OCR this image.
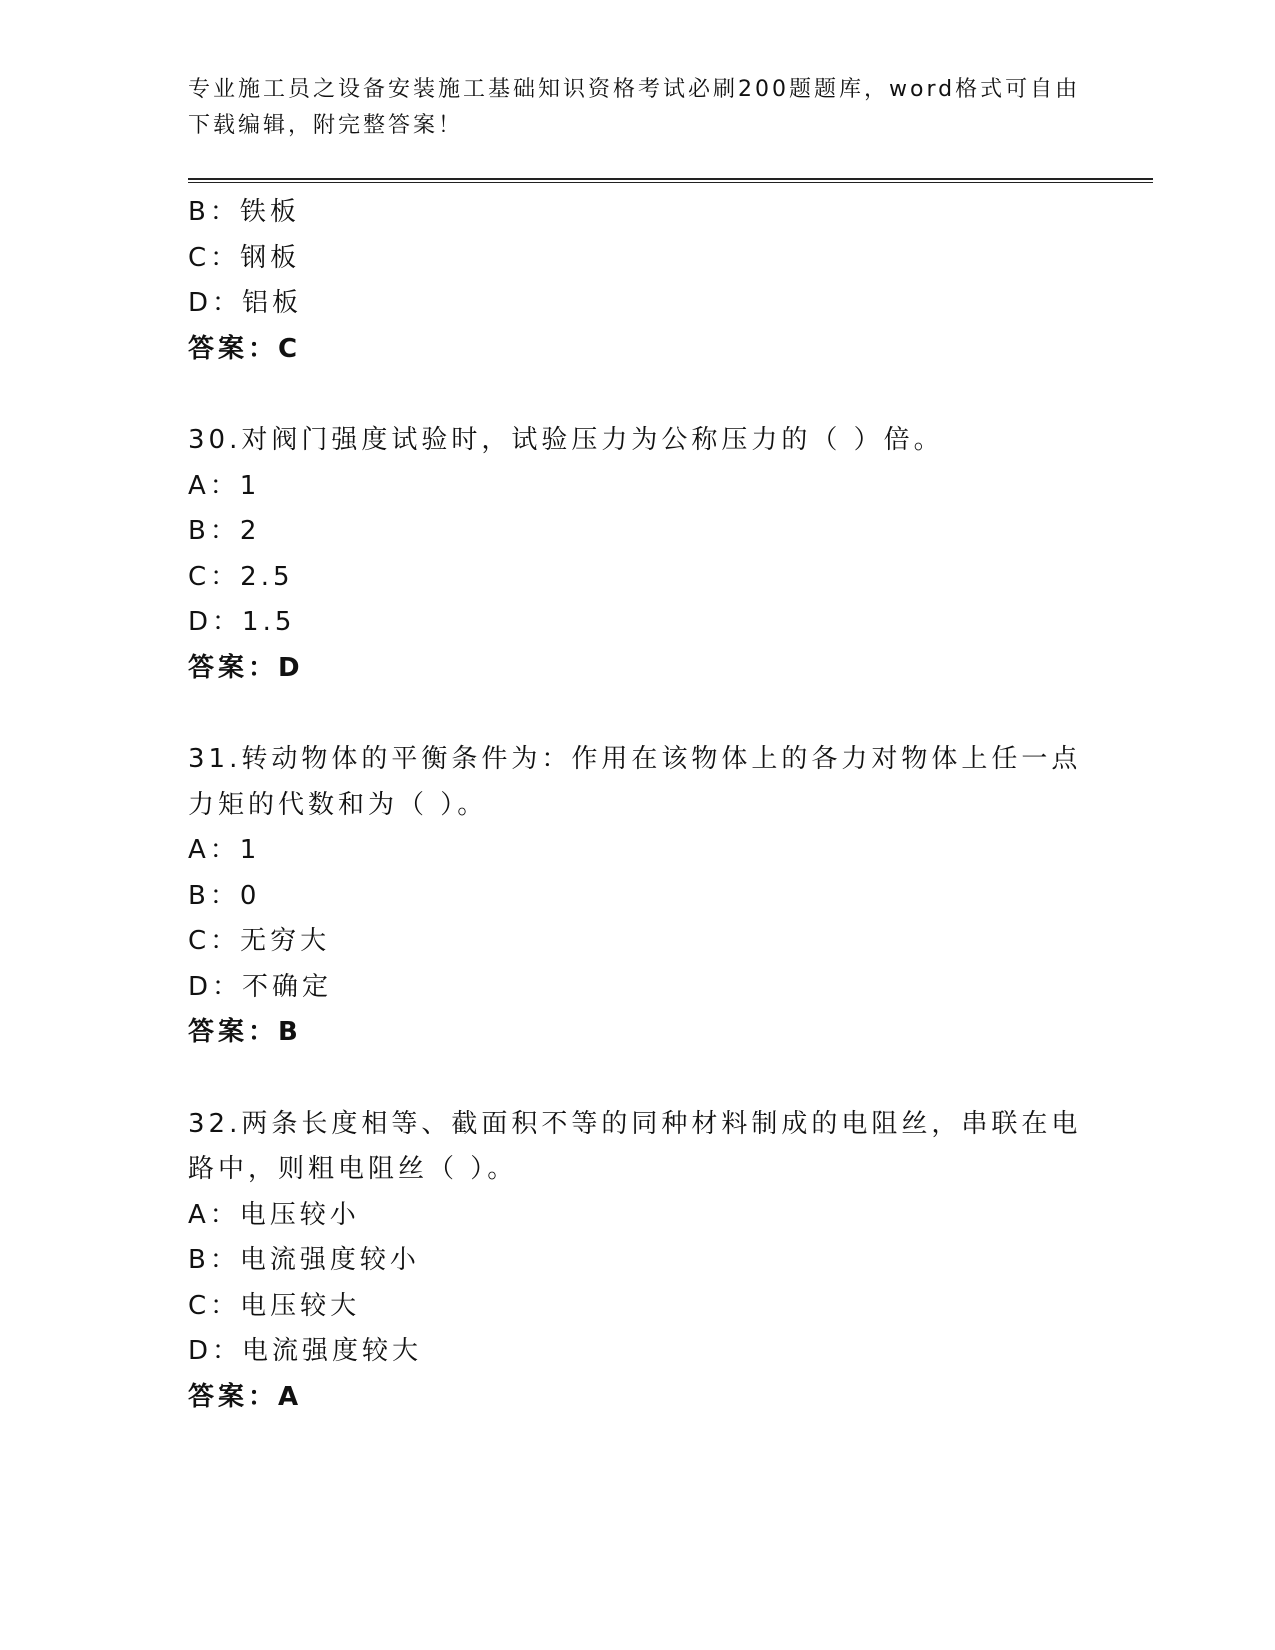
专业施工员之设备安装施工基础知识资格考试必刷200题题库，word格式可自由下载编辑，附完整答案！
B：铁板
C：钢板
D：铝板
答案：C
30.对阀门强度试验时，试验压力为公称压力的（ ）倍。
A：1
B：2
C：2.5
D：1.5
答案：D
31.转动物体的平衡条件为：作用在该物体上的各力对物体上任一点力矩的代数和为（ ）。
A：1
B：0
C：无穷大
D：不确定
答案：B
32.两条长度相等、截面积不等的同种材料制成的电阻丝，串联在电路中，则粗电阻丝（ ）。
A：电压较小
B：电流强度较小
C：电压较大
D：电流强度较大
答案：A
